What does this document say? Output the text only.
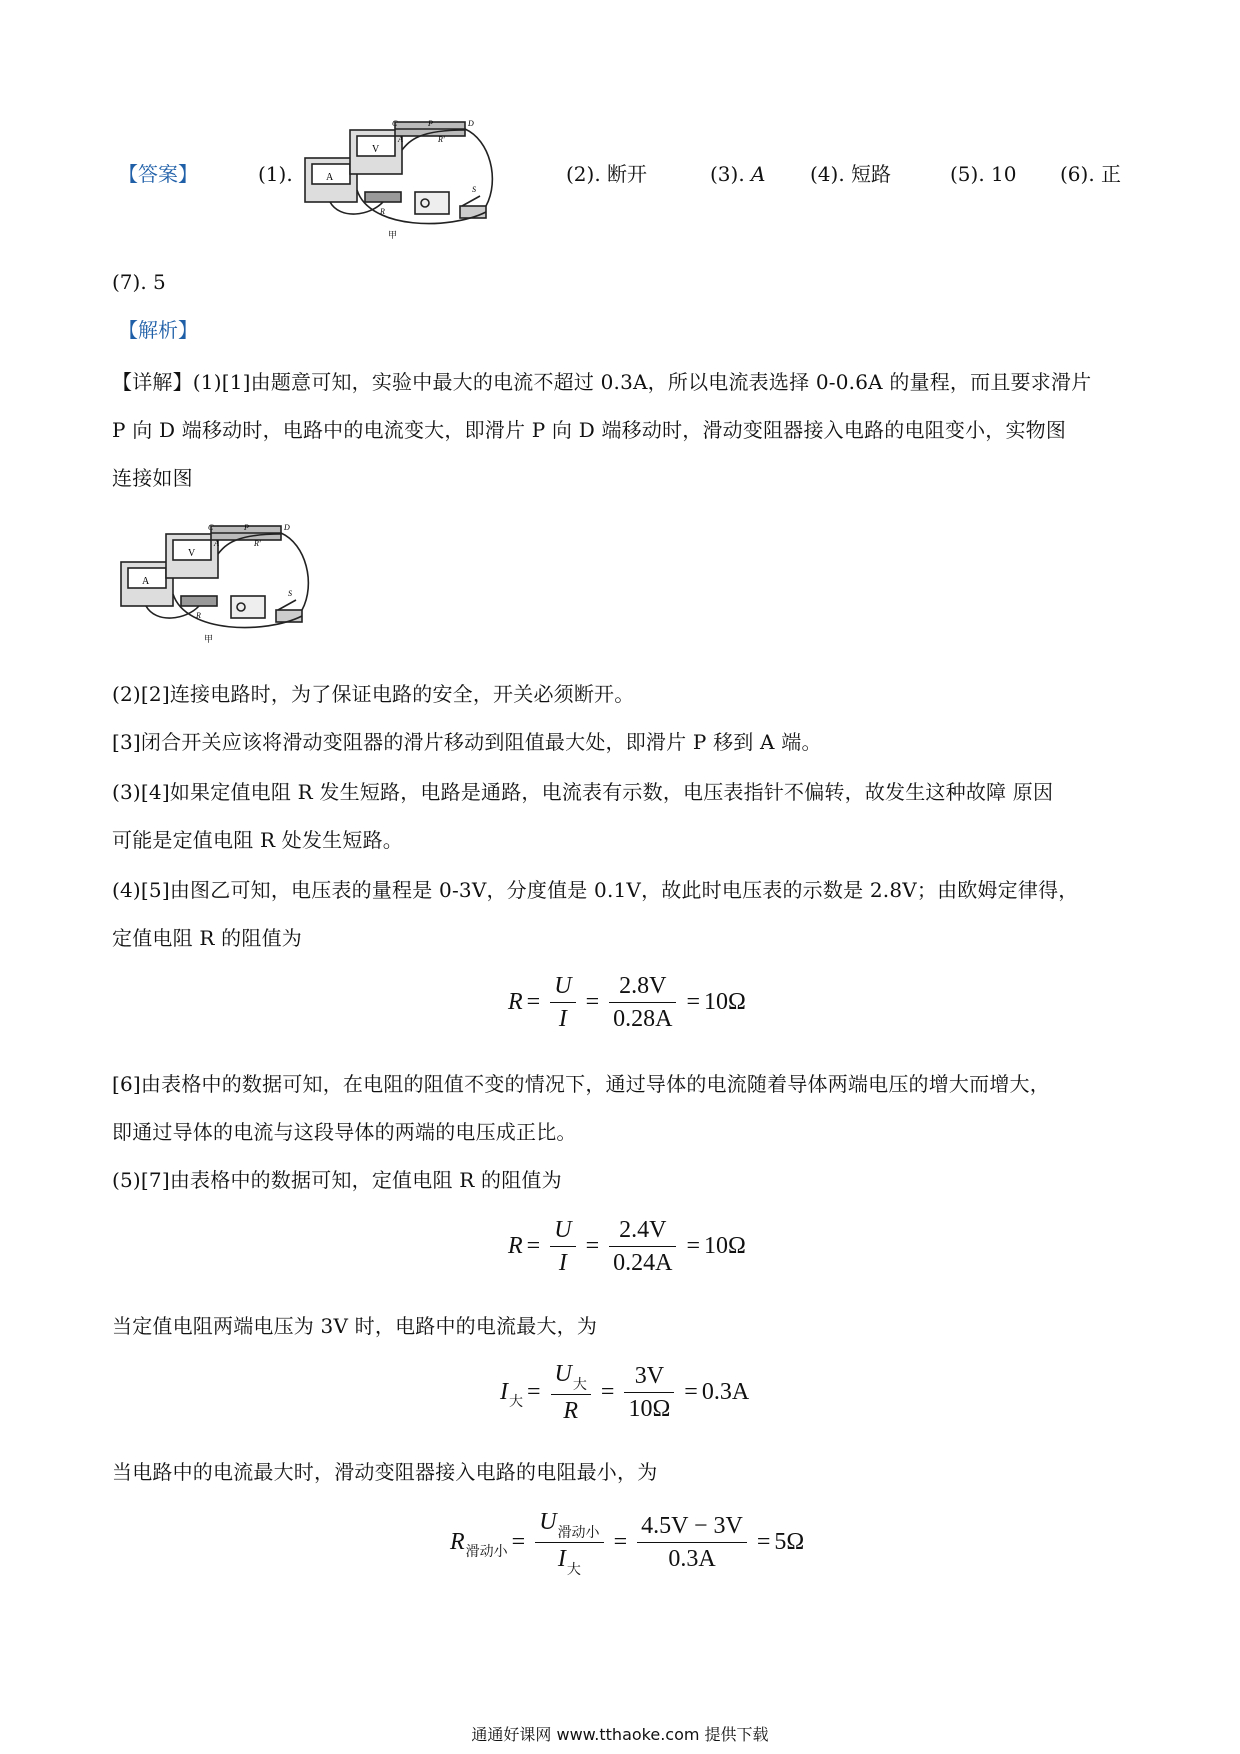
【答案】	(1).	A
V
C	P	D
A	R'
R
S
甲
(2). 断开	(3). A (4). 短路	(5). 10 (6). 正
(7). 5
【解析】
【详解】(1)[1]由题意可知，实验中最大的电流不超过 0.3A，所以电流表选择 0-0.6A 的量程，而且要求滑片
P 向 D 端移动时，电路中的电流变大，即滑片 P 向 D 端移动时，滑动变阻器接入电路的电阻变小，实物图
连接如图
A
V
C	P	D
A	R'
R
S
甲
(2)[2]连接电路时，为了保证电路的安全，开关必须断开。
[3]闭合开关应该将滑动变阻器的滑片移动到阻值最大处，即滑片 P 移到 A 端。
(3)[4]如果定值电阻 R 发生短路，电路是通路，电流表有示数，电压表指针不偏转，故发生这种故障 原因
可能是定值电阻 R 处发生短路。
(4)[5]由图乙可知，电压表的量程是 0-3V，分度值是 0.1V，故此时电压表的示数是 2.8V；由欧姆定律得，
定值电阻 R 的阻值为
$R = \frac{U}{I} = \frac{2.8V}{0.28A} = 10\Omega$
[6]由表格中的数据可知，在电阻的阻值不变的情况下，通过导体的电流随着导体两端电压的增大而增大，
即通过导体的电流与这段导体的两端的电压成正比。
(5)[7]由表格中的数据可知，定值电阻 R 的阻值为
$R = \frac{U}{I} = \frac{2.4V}{0.24A} = 10\Omega$
当定值电阻两端电压为 3V 时，电路中的电流最大，为
I 大 = $\frac{U_大}{R} = \frac{3V}{10\Omega} = 0.3A$
当电路中的电流最大时，滑动变阻器接入电路的电阻最小，为
R 滑动小 = $\frac{U_{滑动小}}{I_大} = \frac{4.5V - 3V}{0.3A} = 5\Omega$
通通好课网 www.tthaoke.com 提供下载
